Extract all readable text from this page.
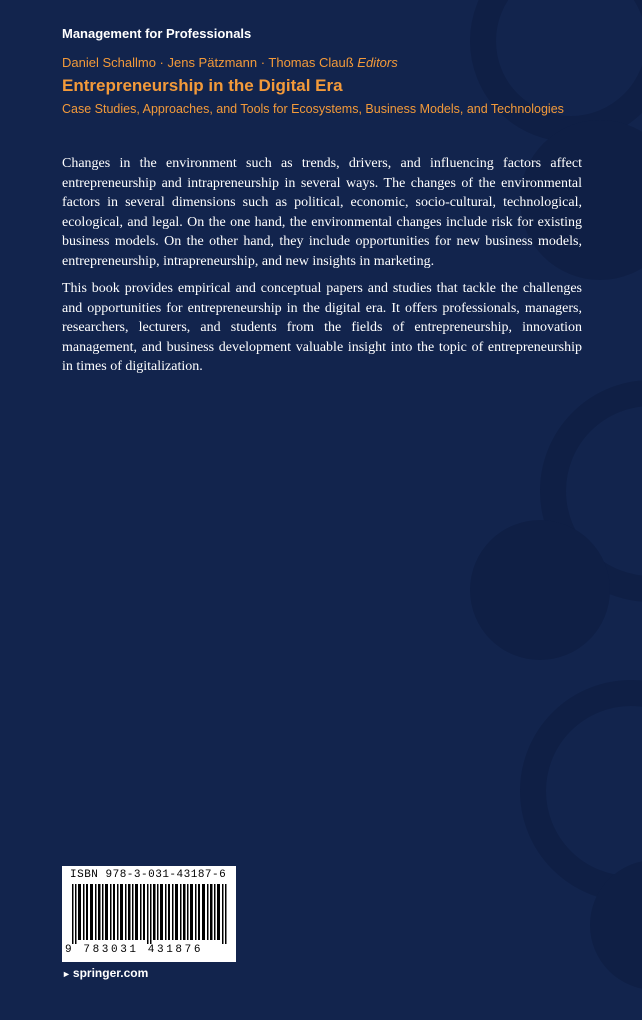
Management for Professionals
Daniel Schallmo · Jens Pätzmann · Thomas Clauß Editors
Entrepreneurship in the Digital Era
Case Studies, Approaches, and Tools for Ecosystems, Business Models, and Technologies

Changes in the environment such as trends, drivers, and influencing factors affect entrepreneurship and intrapreneurship in several ways. The changes of the environmental factors in several dimensions such as political, economic, socio-cultural, technological, ecological, and legal. On the one hand, the environmental changes include risk for existing business models. On the other hand, they include opportunities for new business models, entrepreneurship, intrapreneurship, and new insights in marketing.

This book provides empirical and conceptual papers and studies that tackle the challenges and opportunities for entrepreneurship in the digital era. It offers professionals, managers, researchers, lecturers, and students from the fields of entrepreneurship, innovation management, and business development valuable insight into the topic of entrepreneurship in times of digitalization.

ISBN 978-3-031-43187-6
9 783031 431876
► springer.com
